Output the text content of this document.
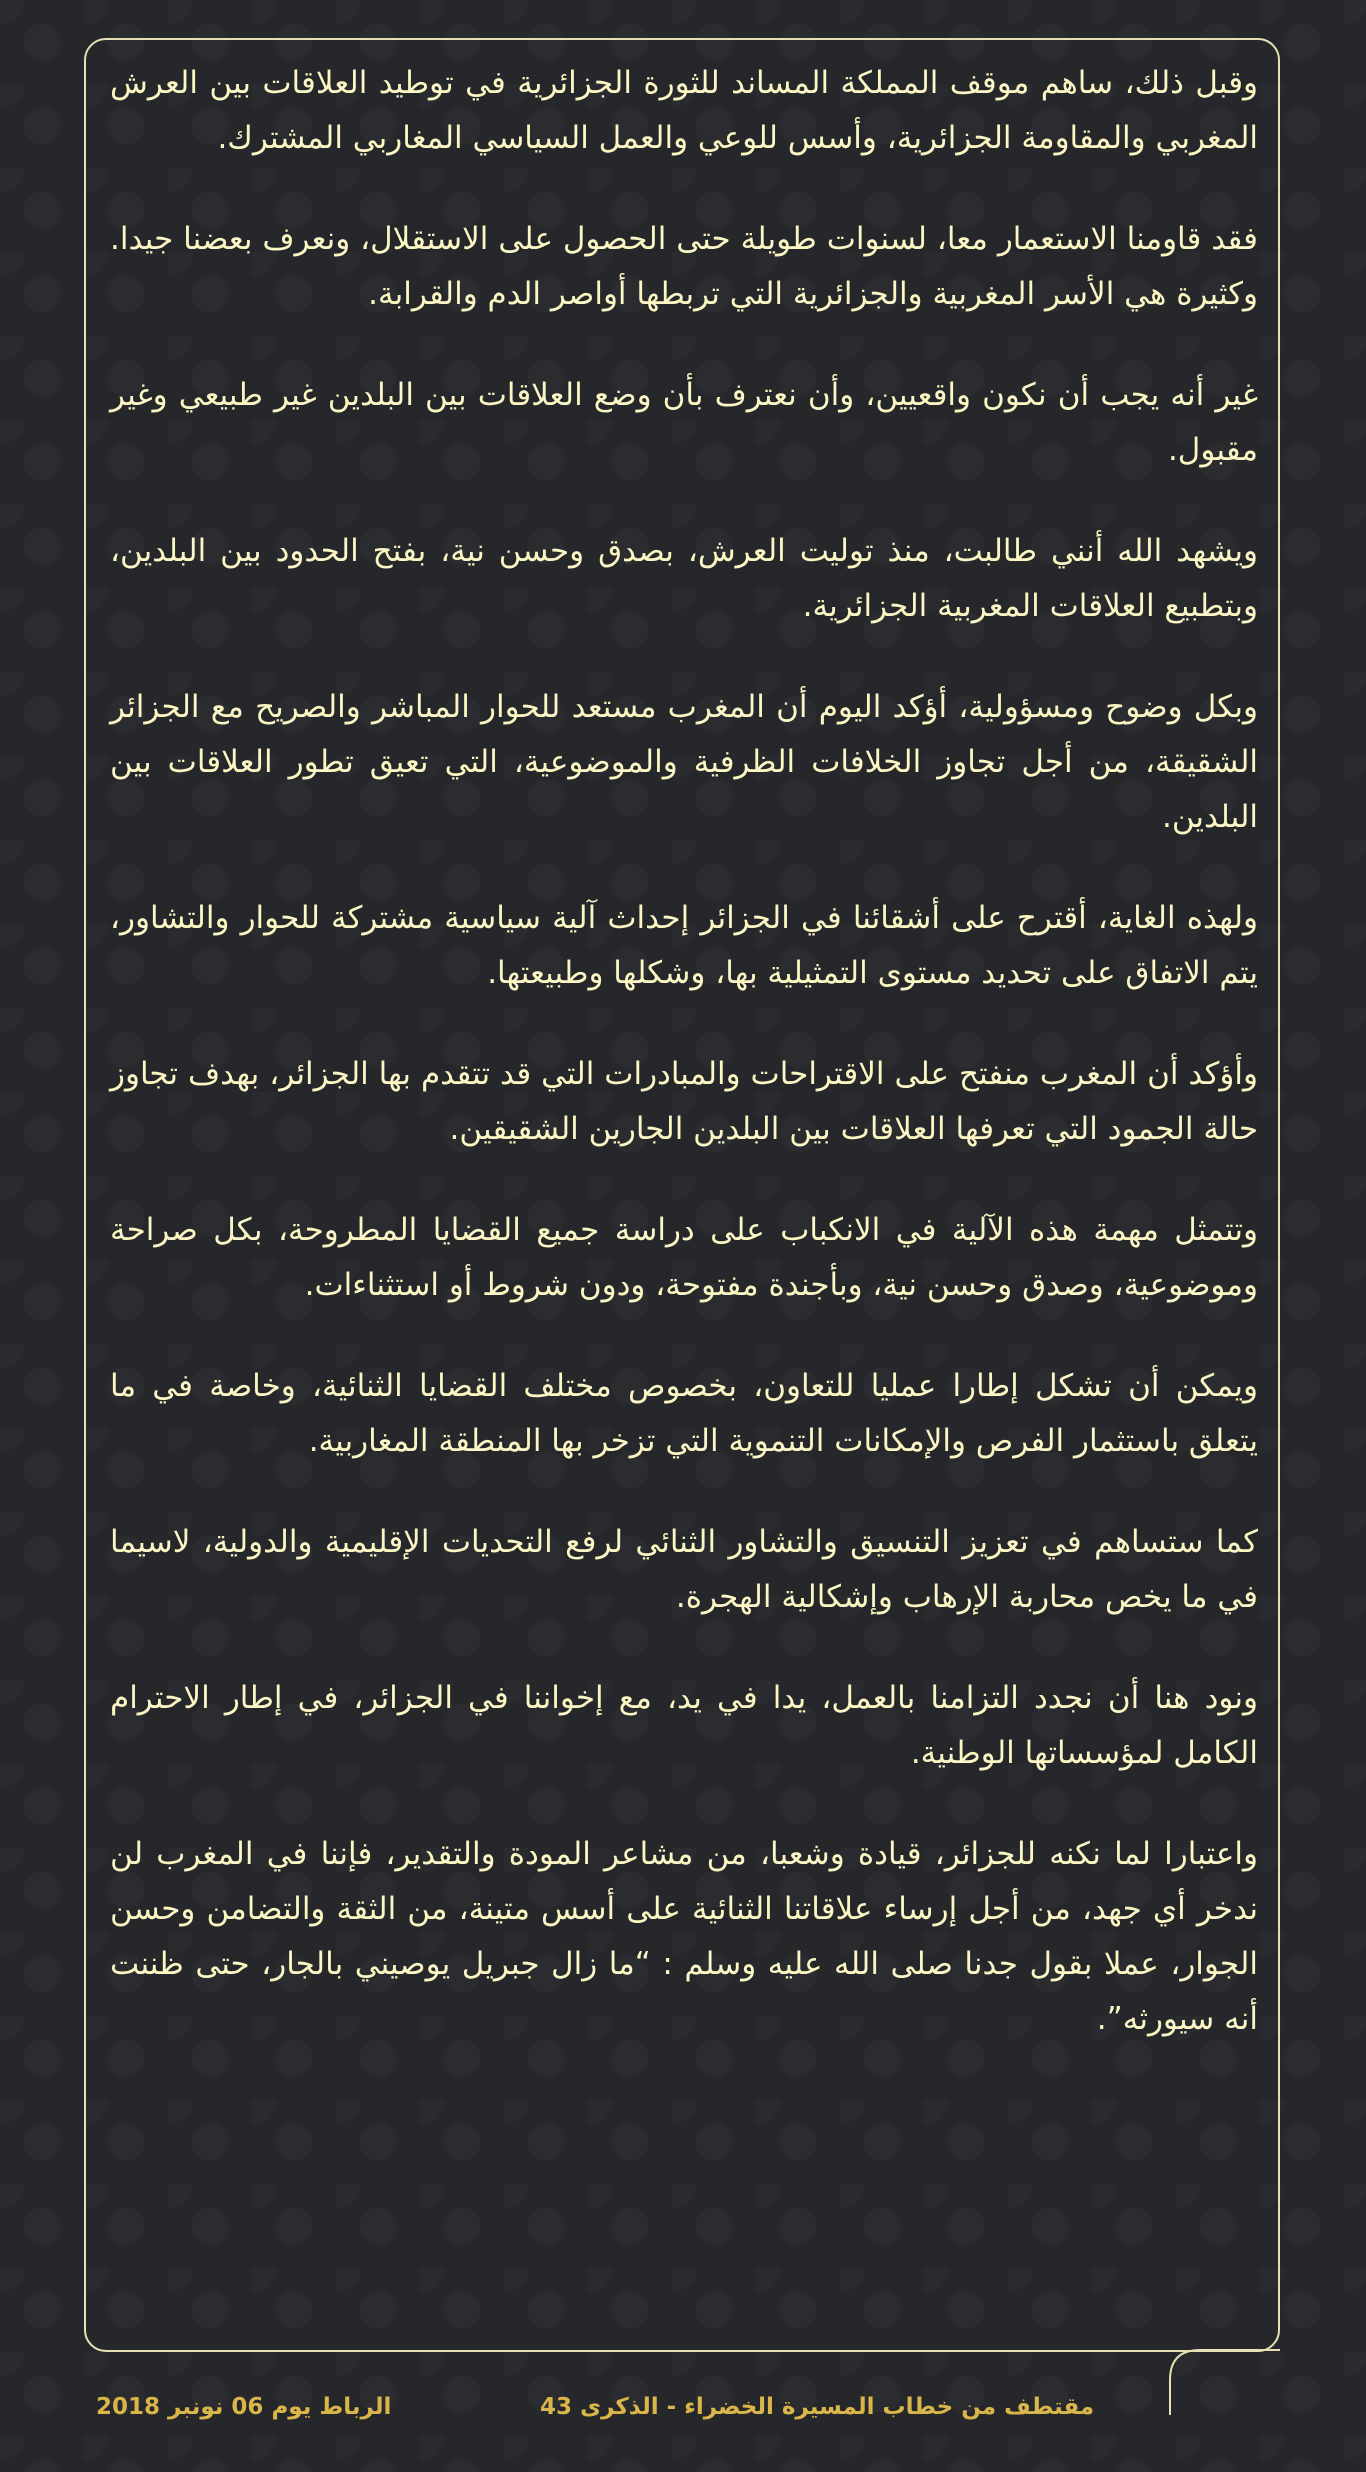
وقبل ذلك، ساهم موقف المملكة المساند للثورة الجزائرية في توطيد العلاقات بين العرش المغربي والمقاومة الجزائرية، وأسس للوعي والعمل السياسي المغاربي المشترك.

فقد قاومنا الاستعمار معا، لسنوات طويلة حتى الحصول على الاستقلال، ونعرف بعضنا جيدا. وكثيرة هي الأسر المغربية والجزائرية التي تربطها أواصر الدم والقرابة.

غير أنه يجب أن نكون واقعيين، وأن نعترف بأن وضع العلاقات بين البلدين غير طبيعي وغير مقبول.

ويشهد الله أنني طالبت، منذ توليت العرش، بصدق وحسن نية، بفتح الحدود بين البلدين، وبتطبيع العلاقات المغربية الجزائرية.

وبكل وضوح ومسؤولية، أؤكد اليوم أن المغرب مستعد للحوار المباشر والصريح مع الجزائر الشقيقة، من أجل تجاوز الخلافات الظرفية والموضوعية، التي تعيق تطور العلاقات بين البلدين.

ولهذه الغاية، أقترح على أشقائنا في الجزائر إحداث آلية سياسية مشتركة للحوار والتشاور، يتم الاتفاق على تحديد مستوى التمثيلية بها، وشكلها وطبيعتها.

وأؤكد أن المغرب منفتح على الاقتراحات والمبادرات التي قد تتقدم بها الجزائر، بهدف تجاوز حالة الجمود التي تعرفها العلاقات بين البلدين الجارين الشقيقين.

وتتمثل مهمة هذه الآلية في الانكباب على دراسة جميع القضايا المطروحة، بكل صراحة وموضوعية، وصدق وحسن نية، وبأجندة مفتوحة، ودون شروط أو استثناءات.

ويمكن أن تشكل إطارا عمليا للتعاون، بخصوص مختلف القضايا الثنائية، وخاصة في ما يتعلق باستثمار الفرص والإمكانات التنموية التي تزخر بها المنطقة المغاربية.

كما ستساهم في تعزيز التنسيق والتشاور الثنائي لرفع التحديات الإقليمية والدولية، لاسيما في ما يخص محاربة الإرهاب وإشكالية الهجرة.

ونود هنا أن نجدد التزامنا بالعمل، يدا في يد، مع إخواننا في الجزائر، في إطار الاحترام الكامل لمؤسساتها الوطنية.

واعتبارا لما نكنه للجزائر، قيادة وشعبا، من مشاعر المودة والتقدير، فإننا في المغرب لن ندخر أي جهد، من أجل إرساء علاقاتنا الثنائية على أسس متينة، من الثقة والتضامن وحسن الجوار، عملا بقول جدنا صلى الله عليه وسلم : “ما زال جبريل يوصيني بالجار، حتى ظننت أنه سيورثه”.

مقتطف من خطاب المسيرة الخضراء - الذكرى 43
الرباط يوم 06 نونبر 2018
